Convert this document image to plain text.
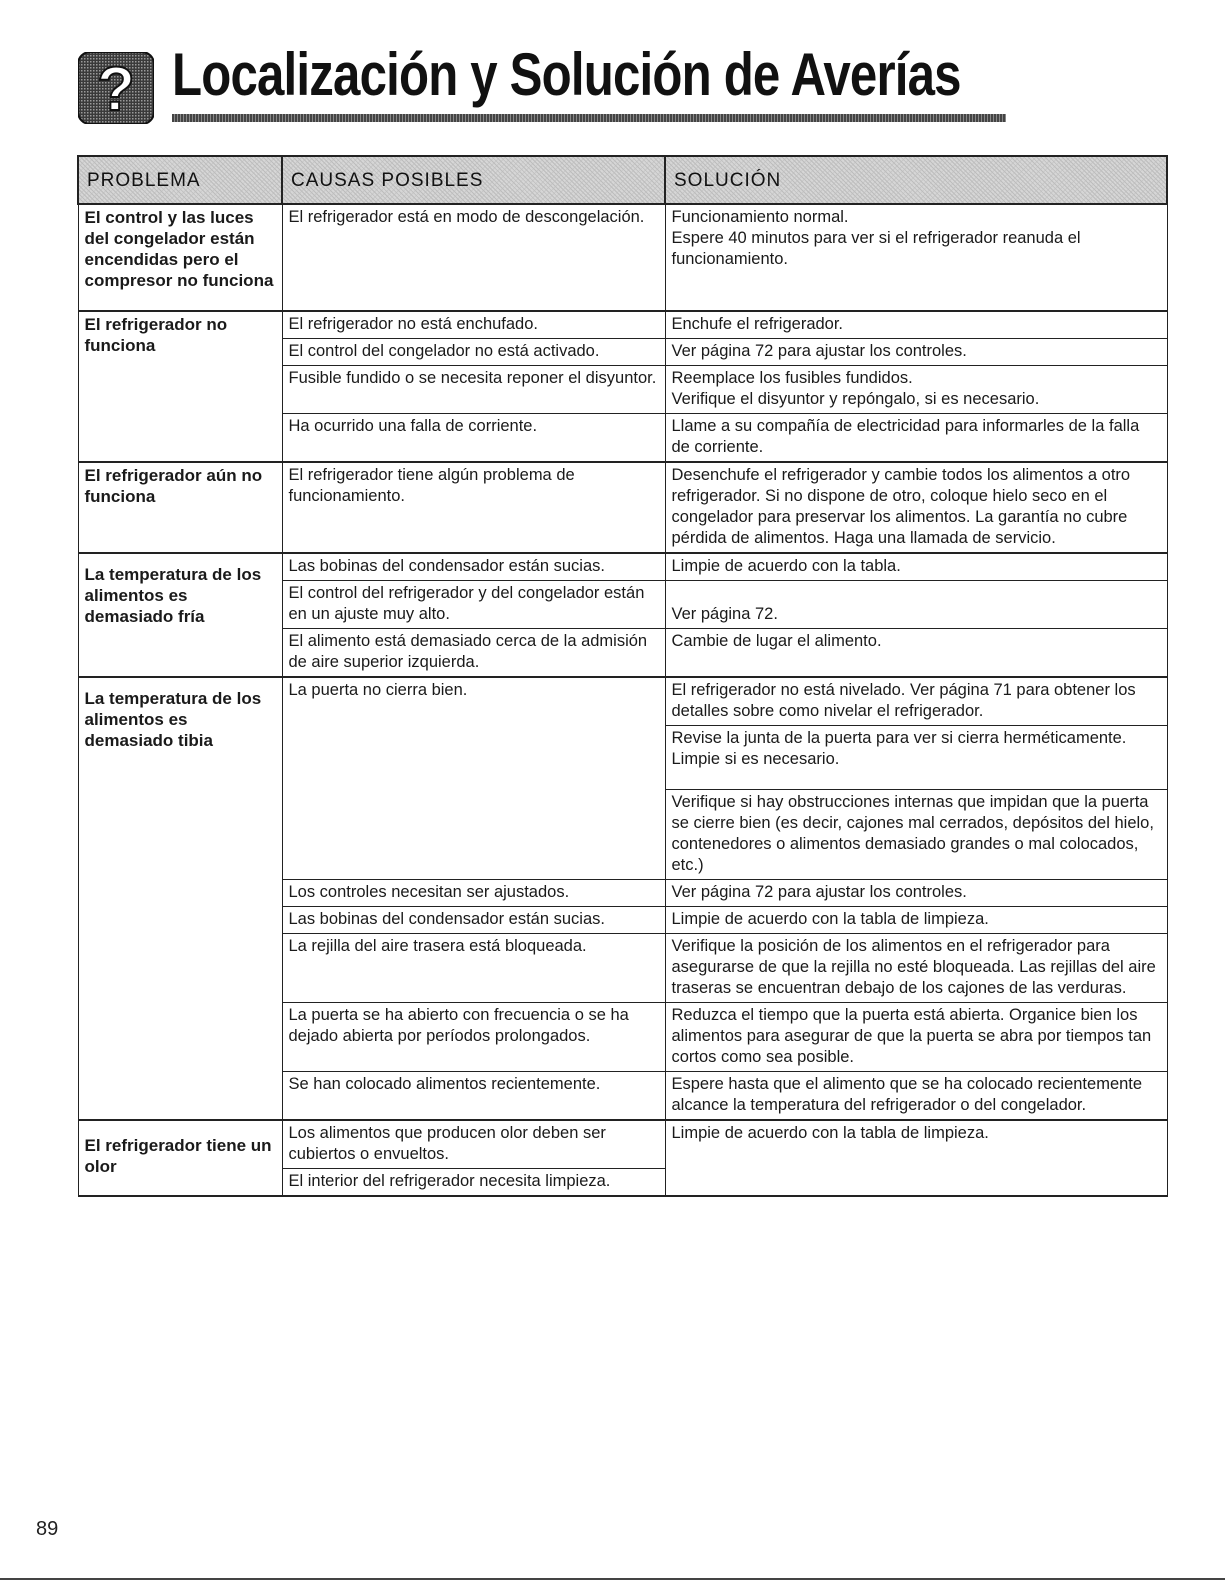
? Localización y Solución de Averías
PROBLEMA	CAUSAS POSIBLES	SOLUCIÓN
El control y las luces del congelador están encendidas pero el compresor no funciona	El refrigerador está en modo de descongelación.	Funcionamiento normal.
Espere 40 minutos para ver si el refrigerador reanuda el funcionamiento.

El refrigerador no funciona	El refrigerador no está enchufado.	Enchufe el refrigerador.
	El control del congelador no está activado.	Ver página 72 para ajustar los controles.
	Fusible fundido o se necesita reponer el disyuntor.	Reemplace los fusibles fundidos.
Verifique el disyuntor y repóngalo, si es necesario.

	Ha ocurrido una falla de corriente.	Llame a su compañía de electricidad para informarles de la falla de corriente.
El refrigerador aún no funciona	El refrigerador tiene algún problema de funcionamiento.	Desenchufe el refrigerador y cambie todos los alimentos a otro refrigerador. Si no dispone de otro, coloque hielo seco en el congelador para preservar los alimentos. La garantía no cubre pérdida de alimentos. Haga una llamada de servicio.
La temperatura de los alimentos es demasiado fría	Las bobinas del condensador están sucias.	Limpie de acuerdo con la tabla.
	El control del refrigerador y del congelador están en un ajuste muy alto.	Ver página 72.
	El alimento está demasiado cerca de la admisión de aire superior izquierda.	Cambie de lugar el alimento.
La temperatura de los alimentos es demasiado tibia	La puerta no cierra bien.	El refrigerador no está nivelado. Ver página 71 para obtener los detalles sobre como nivelar el refrigerador.
		Revise la junta de la puerta para ver si cierra herméticamente. Limpie si es necesario.
		Verifique si hay obstrucciones internas que impidan que la puerta se cierre bien (es decir, cajones mal cerrados, depósitos del hielo, contenedores o alimentos demasiado grandes o mal colocados, etc.)
	Los controles necesitan ser ajustados.	Ver página 72 para ajustar los controles.
	Las bobinas del condensador están sucias.	Limpie de acuerdo con la tabla de limpieza.
	La rejilla del aire trasera está bloqueada.	Verifique la posición de los alimentos en el refrigerador para asegurarse de que la rejilla no esté bloqueada. Las rejillas del aire traseras se encuentran debajo de los cajones de las verduras.
	La puerta se ha abierto con frecuencia o se ha dejado abierta por períodos prolongados.	Reduzca el tiempo que la puerta está abierta. Organice bien los alimentos para asegurar de que la puerta se abra por tiempos tan cortos como sea posible.
	Se han colocado alimentos recientemente.	Espere hasta que el alimento que se ha colocado recientemente alcance la temperatura del refrigerador o del congelador.
El refrigerador tiene un olor	Los alimentos que producen olor deben ser cubiertos o envueltos.	Limpie de acuerdo con la tabla de limpieza.
	El interior del refrigerador necesita limpieza.	
89
